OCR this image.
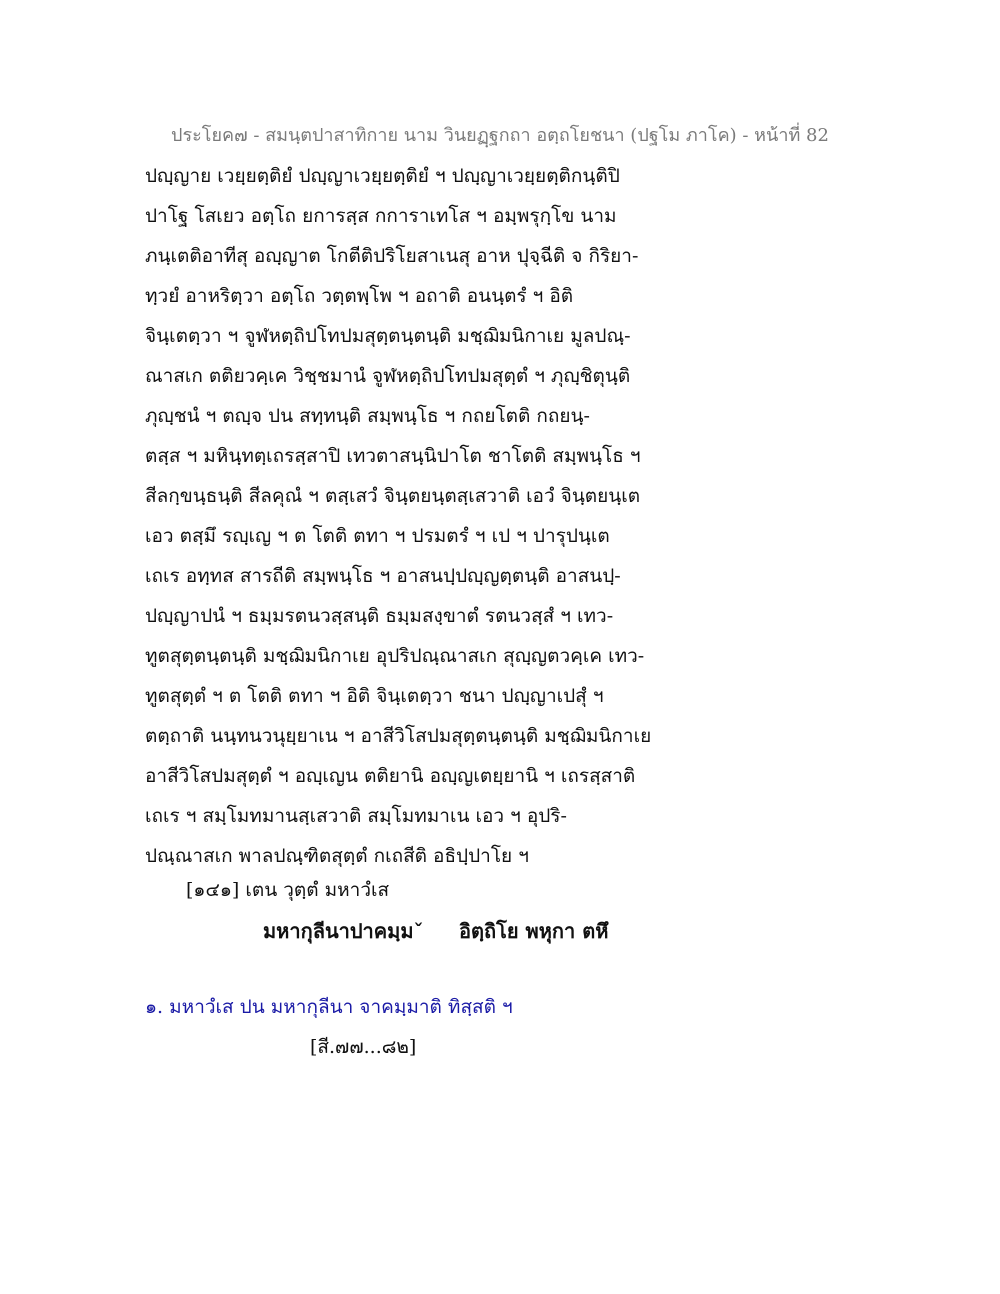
ประโยค๗ - สมนฺตปาสาทิกาย นาม วินยฏฺฐกถา อตฺถโยชนา (ปฐโม ภาโค) - หน้าที่ 82
ปญฺญาย เวยฺยตฺติยํ ปญฺญาเวยฺยตฺติยํ ฯ ปญฺญาเวยฺยตฺติกนฺติปิ
ปาโฐ โสเยว อตฺโถ ยการสฺส กการาเทโส ฯ อมฺพรุกฺโข นาม
ภนฺเตติอาทีสุ อญฺญาต โกตีติปริโยสาเนสุ อาห ปุจฺฉีติ จ กิริยา-
ทฺวยํ อาหริตฺวา อตฺโถ วตฺตพฺโพ ฯ อถาติ อนนฺตรํ ฯ อิติ
จินฺเตตฺวา ฯ จูฬหตฺถิปโทปมสุตฺตนฺตนฺติ มชฺฌิมนิกาเย มูลปณฺ-
ณาสเก ตติยวคฺเค วิชฺชมานํ จูฬหตฺถิปโทปมสุตฺตํ ฯ ภุญฺชิตุนฺติ
ภุญฺชนํ ฯ ตญฺจ ปน สทฺทนฺติ สมฺพนฺโธ ฯ กถยโตติ กถยนฺ-
ตสฺส ฯ มหินฺทตฺเถรสฺสาปิ เทวตาสนฺนิปาโต ชาโตติ สมฺพนฺโธ ฯ
สีลกฺขนฺธนฺติ สีลคุณํ ฯ ตสฺเสวํ จินฺตยนฺตสฺเสวาติ เอวํ จินฺตยนฺเต
เอว ตสฺมึ รญฺเญ ฯ ต โตติ ตทา ฯ ปรมตรํ ฯ เป ฯ ปารุปนฺเต
เถเร อทฺทส สารถีติ สมฺพนฺโธ ฯ อาสนปฺปญฺญตฺตนฺติ อาสนปฺ-
ปญฺญาปนํ ฯ ธมฺมรตนวสฺสนฺติ ธมฺมสงฺขาตํ รตนวสฺสํ ฯ เทว-
ทูตสุตฺตนฺตนฺติ มชฺฌิมนิกาเย อุปริปณฺณาสเก สุญฺญตวคฺเค เทว-
ทูตสุตฺตํ ฯ ต โตติ ตทา ฯ อิติ จินฺเตตฺวา ชนา ปญฺญาเปสุํ ฯ
ตตฺถาติ นนฺทนวนุยฺยาเน ฯ อาสีวิโสปมสุตฺตนฺตนฺติ มชฺฌิมนิกาเย
อาสีวิโสปมสุตฺตํ ฯ อญฺเญน ตติยานิ อญฺญเตยฺยานิ ฯ เถรสฺสาติ
เถเร ฯ สมฺโมทมานสฺเสวาติ สมฺโมทมาเน เอว ฯ อุปริ-
ปณฺณาสเก พาลปณฺฑิตสุตฺตํ กเถสีติ อธิปฺปาโย ฯ
[๑๔๑] เตน วุตฺตํ มหาวํเส
มหากุลีนาปาคมฺมˇ อิตฺถิโย พหุกา ตหึ
๑. มหาวํเส ปน มหากุลีนา จาคมฺมาติ ทิสฺสติ ฯ
[สี.๗๗...๘๒]
